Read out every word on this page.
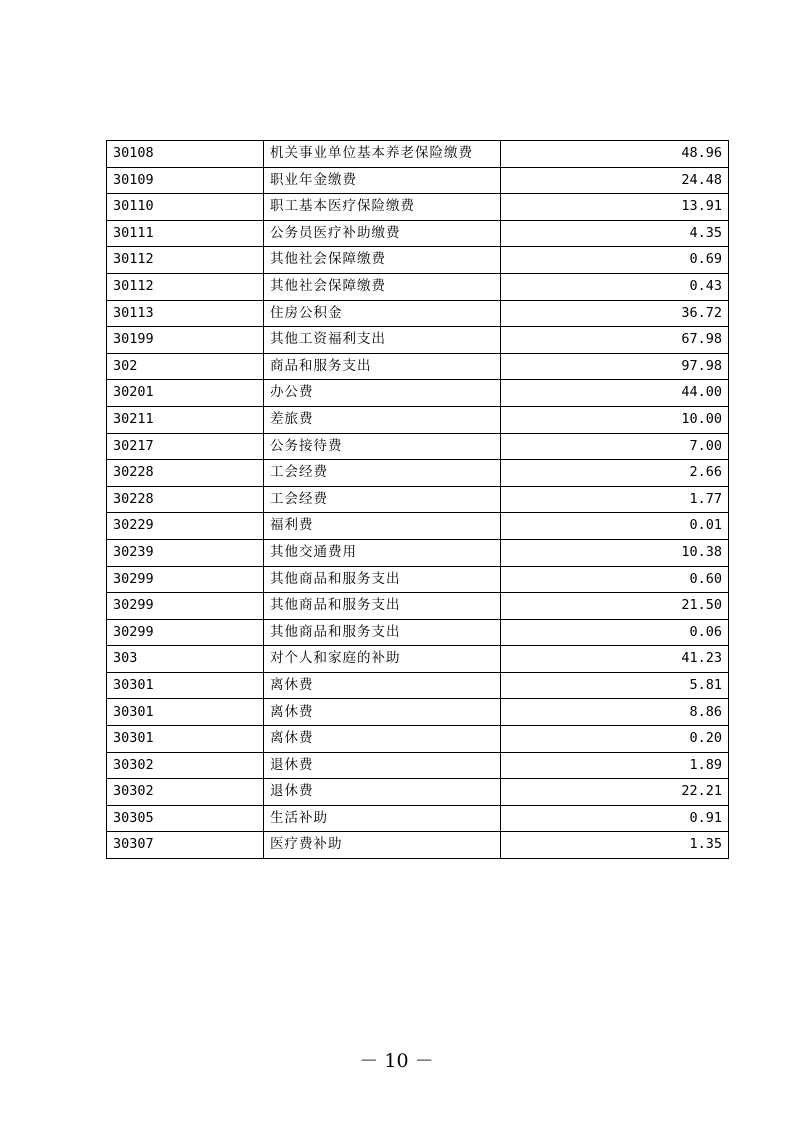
30108	机关事业单位基本养老保险缴费	48.96
30109	职业年金缴费	24.48
30110	职工基本医疗保险缴费	13.91
30111	公务员医疗补助缴费	4.35
30112	其他社会保障缴费	0.69
30112	其他社会保障缴费	0.43
30113	住房公积金	36.72
30199	其他工资福利支出	67.98
302	商品和服务支出	97.98
30201	办公费	44.00
30211	差旅费	10.00
30217	公务接待费	7.00
30228	工会经费	2.66
30228	工会经费	1.77
30229	福利费	0.01
30239	其他交通费用	10.38
30299	其他商品和服务支出	0.60
30299	其他商品和服务支出	21.50
30299	其他商品和服务支出	0.06
303	对个人和家庭的补助	41.23
30301	离休费	5.81
30301	离休费	8.86
30301	离休费	0.20
30302	退休费	1.89
30302	退休费	22.21
30305	生活补助	0.91
30307	医疗费补助	1.35
－ 10 －
